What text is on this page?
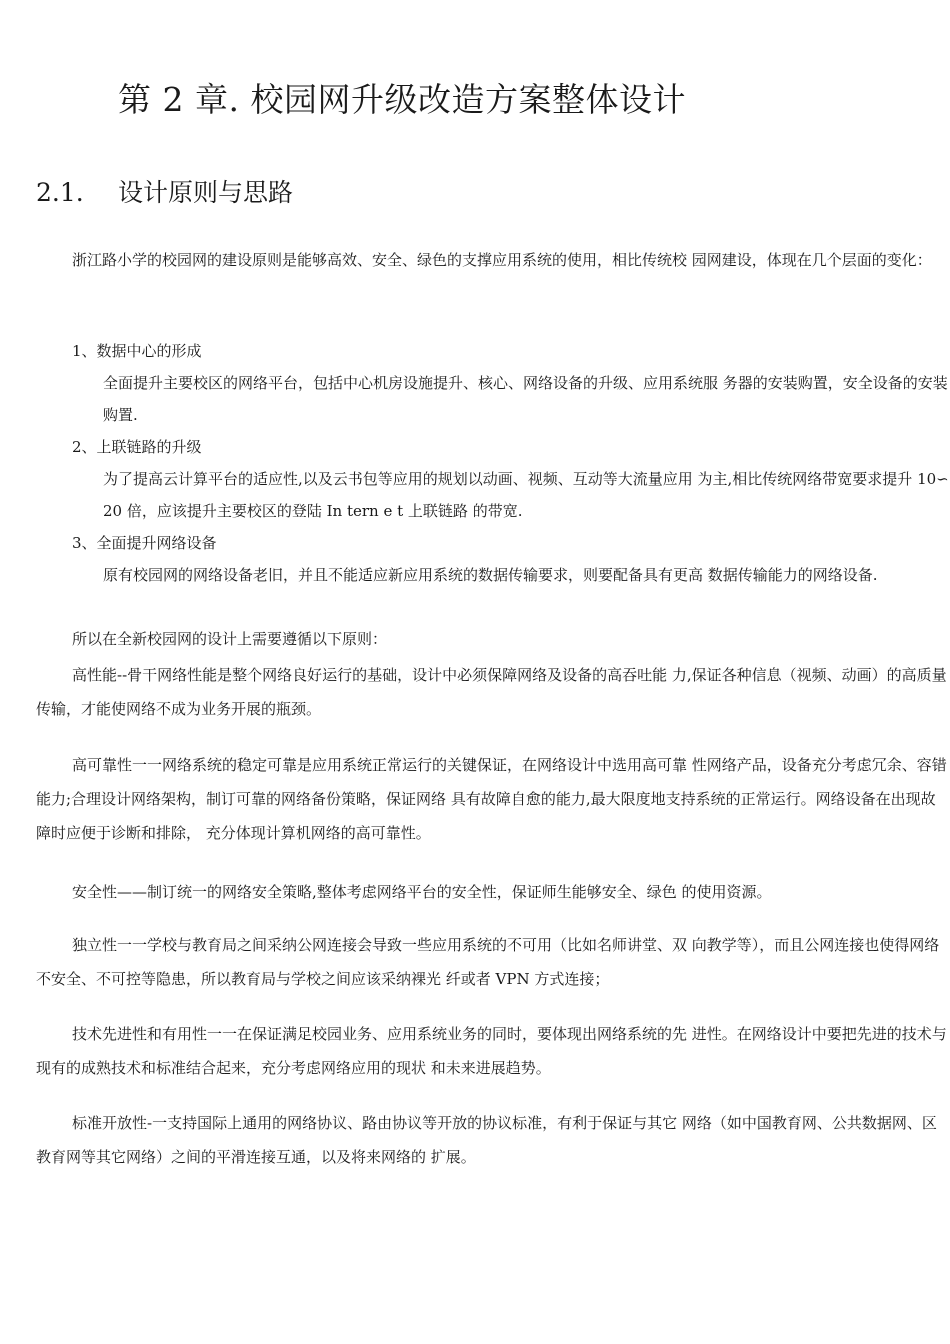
第 2 章. 校园网升级改造方案整体设计
2.1. 设计原则与思路
浙江路小学的校园网的建设原则是能够高效、安全、绿色的支撑应用系统的使用，相比传统校 园网建设，体现在几个层面的变化：
1、数据中心的形成
全面提升主要校区的网络平台，包括中心机房设施提升、核心、网络设备的升级、应用系统服 务器的安装购置，安全设备的安装购置.
2、上联链路的升级
为了提高云计算平台的适应性,以及云书包等应用的规划以动画、视频、互动等大流量应用 为主,相比传统网络带宽要求提升 10∽20 倍，应该提升主要校区的登陆 In tern e t 上联链路 的带宽.
3、全面提升网络设备
原有校园网的网络设备老旧，并且不能适应新应用系统的数据传输要求，则要配备具有更高 数据传输能力的网络设备.
所以在全新校园网的设计上需要遵循以下原则：
高性能--骨干网络性能是整个网络良好运行的基础，设计中必须保障网络及设备的高吞吐能 力,保证各种信息（视频、动画）的高质量传输，才能使网络不成为业务开展的瓶颈。
高可靠性一一网络系统的稳定可靠是应用系统正常运行的关键保证，在网络设计中选用高可靠 性网络产品，设备充分考虑冗余、容错能力;合理设计网络架构，制订可靠的网络备份策略，保证网络 具有故障自愈的能力,最大限度地支持系统的正常运行。网络设备在出现故障时应便于诊断和排除， 充分体现计算机网络的高可靠性。
安全性——制订统一的网络安全策略,整体考虑网络平台的安全性，保证师生能够安全、绿色 的使用资源。
独立性一一学校与教育局之间采纳公网连接会导致一些应用系统的不可用（比如名师讲堂、双 向教学等），而且公网连接也使得网络不安全、不可控等隐患，所以教育局与学校之间应该采纳裸光 纤或者 VPN 方式连接；
技术先进性和有用性一一在保证满足校园业务、应用系统业务的同时，要体现出网络系统的先 进性。在网络设计中要把先进的技术与现有的成熟技术和标准结合起来，充分考虑网络应用的现状 和未来进展趋势。
标准开放性-一支持国际上通用的网络协议、路由协议等开放的协议标准，有利于保证与其它 网络（如中国教育网、公共数据网、区教育网等其它网络）之间的平滑连接互通，以及将来网络的 扩展。
